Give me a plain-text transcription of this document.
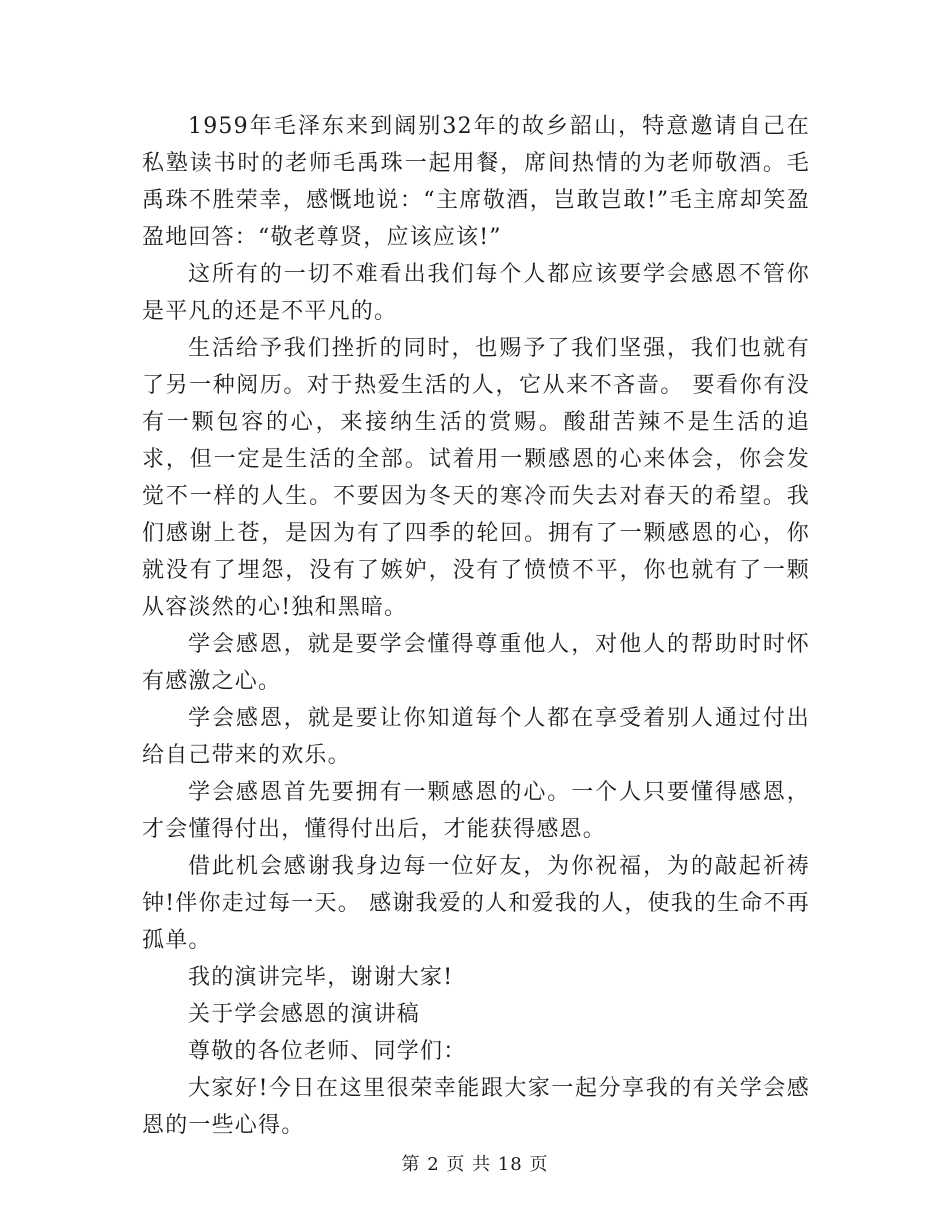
1959年毛泽东来到阔别32年的故乡韶山，特意邀请自己在私塾读书时的老师毛禹珠一起用餐，席间热情的为老师敬酒。毛禹珠不胜荣幸，感慨地说：“主席敬酒，岂敢岂敢!”毛主席却笑盈盈地回答：“敬老尊贤，应该应该!”

这所有的一切不难看出我们每个人都应该要学会感恩不管你是平凡的还是不平凡的。

生活给予我们挫折的同时，也赐予了我们坚强，我们也就有了另一种阅历。对于热爱生活的人，它从来不吝啬。 要看你有没有一颗包容的心，来接纳生活的赏赐。酸甜苦辣不是生活的追求，但一定是生活的全部。试着用一颗感恩的心来体会，你会发觉不一样的人生。不要因为冬天的寒冷而失去对春天的希望。我们感谢上苍，是因为有了四季的轮回。拥有了一颗感恩的心，你就没有了埋怨，没有了嫉妒，没有了愤愤不平，你也就有了一颗从容淡然的心!独和黑暗。

学会感恩，就是要学会懂得尊重他人，对他人的帮助时时怀有感激之心。

学会感恩，就是要让你知道每个人都在享受着别人通过付出给自己带来的欢乐。

学会感恩首先要拥有一颗感恩的心。一个人只要懂得感恩，才会懂得付出，懂得付出后，才能获得感恩。

借此机会感谢我身边每一位好友，为你祝福，为的敲起祈祷钟!伴你走过每一天。 感谢我爱的人和爱我的人，使我的生命不再孤单。

我的演讲完毕，谢谢大家!

关于学会感恩的演讲稿

尊敬的各位老师、同学们：

大家好!今日在这里很荣幸能跟大家一起分享我的有关学会感恩的一些心得。

第 2 页 共 18 页
